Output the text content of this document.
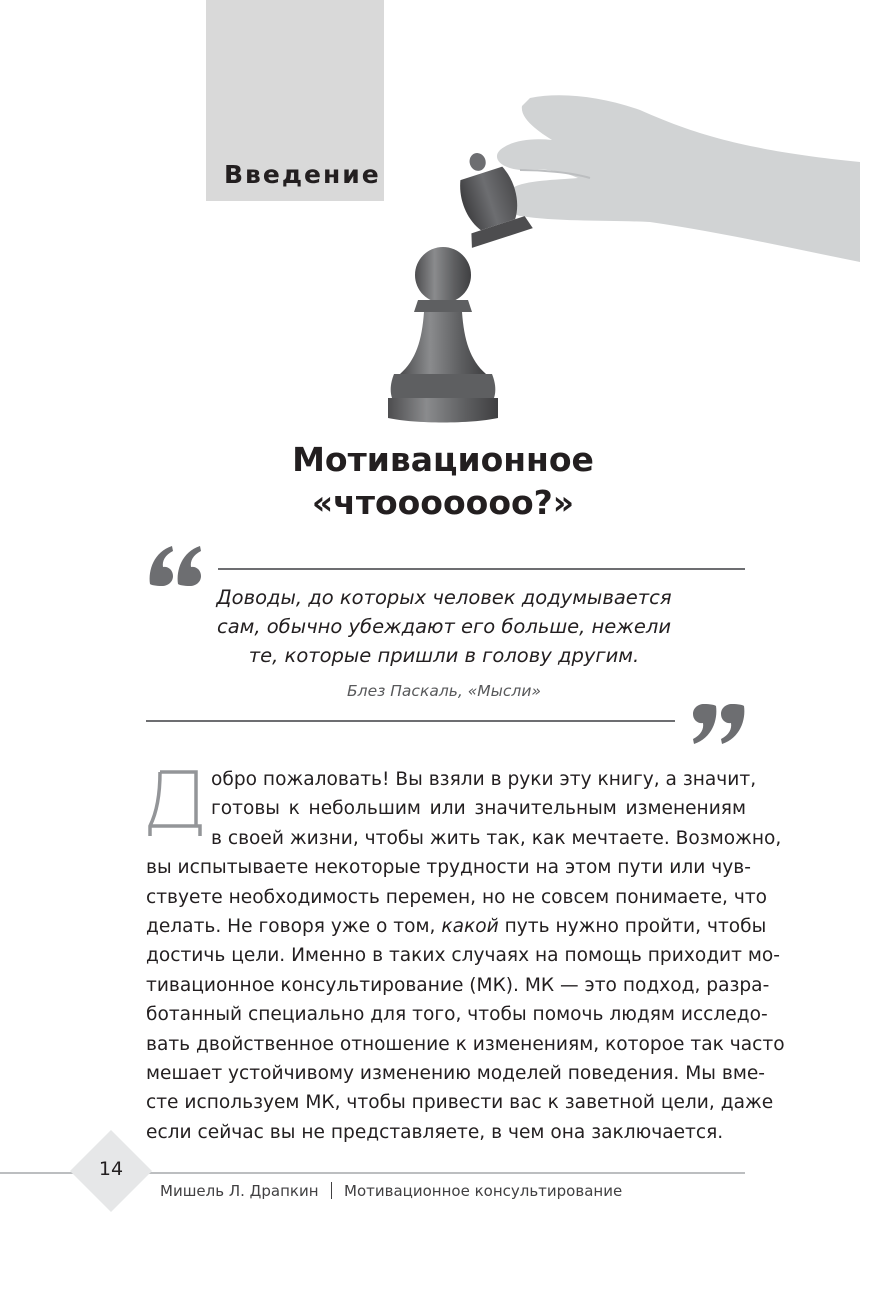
Введение
Мотивационное
«чтооооооо?»
Доводы, до которых человек додумывается
сам, обычно убеждают его больше, нежели
те, которые пришли в голову другим.
Блез Паскаль, «Мысли»
Д
обро пожаловать! Вы взяли в руки эту книгу, а значит,
готовы к небольшим или значительным изменениям
в своей жизни, чтобы жить так, как мечтаете. Возможно,
вы испытываете некоторые трудности на этом пути или чув-
ствуете необходимость перемен, но не совсем понимаете, что
делать. Не говоря уже о том, какой путь нужно пройти, чтобы
достичь цели. Именно в таких случаях на помощь приходит мо-
тивационное консультирование (МК). МК — это подход, разра-
ботанный специально для того, чтобы помочь людям исследо-
вать двойственное отношение к изменениям, которое так часто
мешает устойчивому изменению моделей поведения. Мы вме-
сте используем МК, чтобы привести вас к заветной цели, даже
если сейчас вы не представляете, в чем она заключается.
14
Мишель Л. Драпкин Мотивационное консультирование
